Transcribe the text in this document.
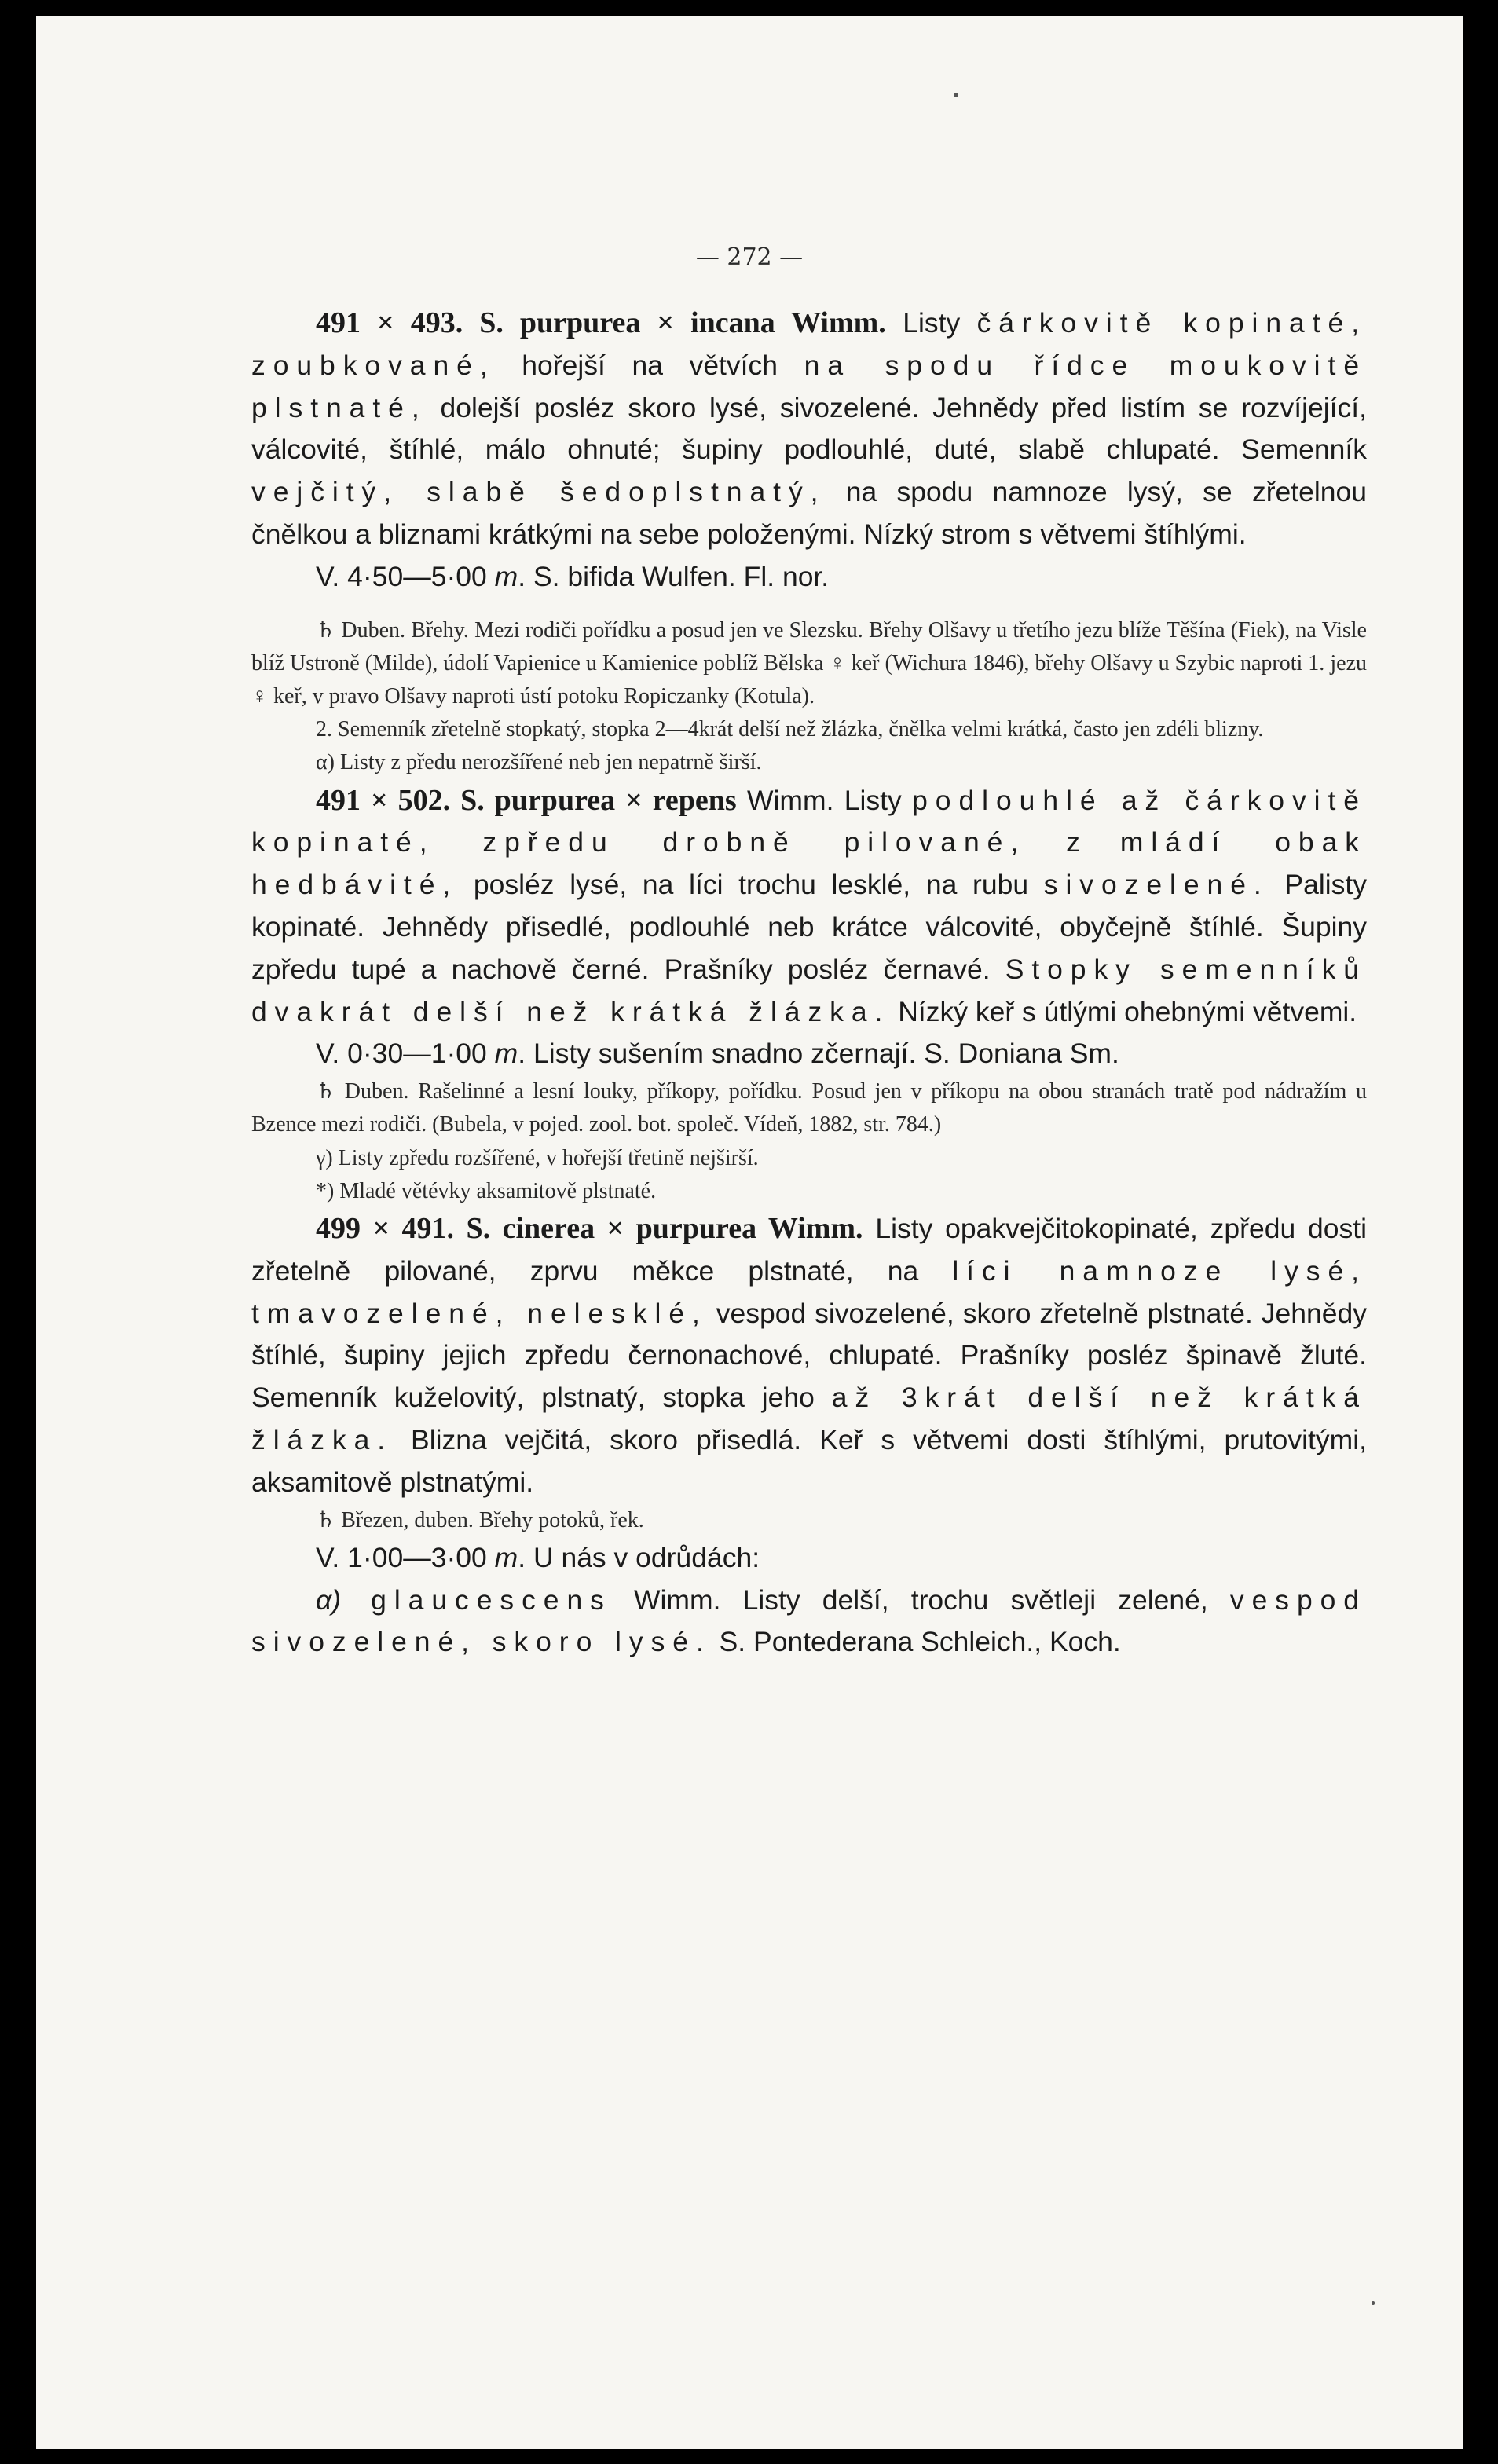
— 272 —

491 × 493. S. purpurea × incana Wimm. Listy čárkovitě kopinaté, zoubkované, hořejší na větvích na spodu řídce moukovitě plstnaté, dolejší posléz skoro lysé, sivozelené. Jehnědy před listím se rozvíjející, válcovité, štíhlé, málo ohnuté; šupiny podlouhlé, duté, slabě chlupaté. Semenník vejčitý, slabě šedoplstnatý, na spodu namnoze lysý, se zřetelnou čnělkou a bliznami krátkými na sebe položenými. Nízký strom s větvemi štíhlými.

V. 4·50—5·00 m. S. bifida Wulfen. Fl. nor.

♄ Duben. Břehy. Mezi rodiči pořídku a posud jen ve Slezsku. Břehy Olšavy u třetího jezu blíže Těšína (Fiek), na Visle blíž Ustroně (Milde), údolí Vapienice u Kamienice poblíž Bělska ♀ keř (Wichura 1846), břehy Olšavy u Szybic naproti 1. jezu ♀ keř, v pravo Olšavy naproti ústí potoku Ropiczanky (Kotula).

2. Semenník zřetelně stopkatý, stopka 2—4krát delší než žlázka, čnělka velmi krátká, často jen zdéli blizny.

α) Listy z předu nerozšířené neb jen nepatrně širší.

491 × 502. S. purpurea × repens Wimm. Listy podlouhlé až čárkovitě kopinaté, zpředu drobně pilované, z mládí obak hedbávité, posléz lysé, na líci trochu lesklé, na rubu sivozelené. Palisty kopinaté. Jehnědy přisedlé, podlouhlé neb krátce válcovité, obyčejně štíhlé. Šupiny zpředu tupé a nachově černé. Prašníky posléz černavé. Stopky semenníků dvakrát delší než krátká žlázka. Nízký keř s útlými ohebnými větvemi.

V. 0·30—1·00 m. Listy sušením snadno zčernají. S. Doniana Sm.

♄ Duben. Rašelinné a lesní louky, příkopy, pořídku. Posud jen v příkopu na obou stranách tratě pod nádražím u Bzence mezi rodiči. (Bubela, v pojed. zool. bot. společ. Vídeň, 1882, str. 784.)

γ) Listy zpředu rozšířené, v hořejší třetině nejširší.

*) Mladé větévky aksamitově plstnaté.

499 × 491. S. cinerea × purpurea Wimm. Listy opakvejčitokopinaté, zpředu dosti zřetelně pilované, zprvu měkce plstnaté, na líci namnoze lysé, tmavozelené, nelesklé, vespod sivozelené, skoro zřetelně plstnaté. Jehnědy štíhlé, šupiny jejich zpředu černonachové, chlupaté. Prašníky posléz špinavě žluté. Semenník kuželovitý, plstnatý, stopka jeho až 3krát delší než krátká žlázka. Blizna vejčitá, skoro přisedlá. Keř s větvemi dosti štíhlými, prutovitými, aksamitově plstnatými.

♄ Březen, duben. Břehy potoků, řek.

V. 1·00—3·00 m. U nás v odrůdách:

α) glaucescens Wimm. Listy delší, trochu světleji zelené, vespod sivozelené, skoro lysé. S. Pontederana Schleich., Koch.
